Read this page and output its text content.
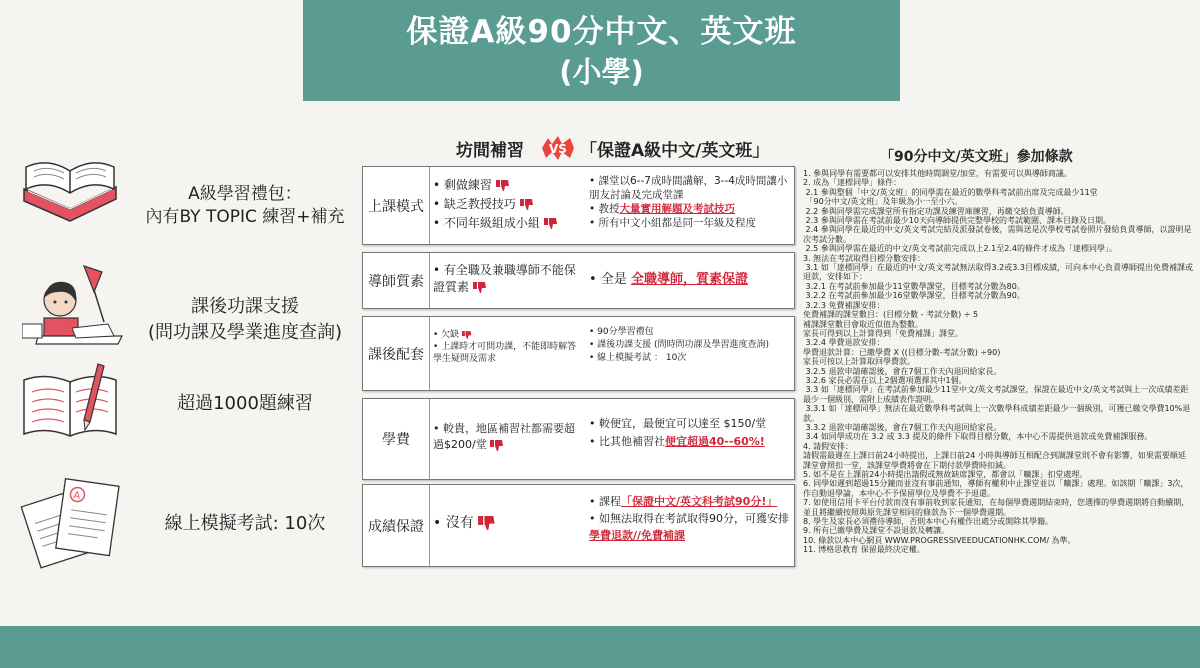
保證A級90分中文、英文班
(小學)
A級學習禮包：
內有BY TOPIC 練習+補充
課後功課支援
(問功課及學業進度查詢)
超過1000題練習
A
線上模擬考試: 10次
坊間補習 VS 「保證A級中文/英文班」
上課模式
• 剩做練習
• 缺乏教授技巧
• 不同年級組成小組
• 課堂以6--7成時間講解，3--4成時間讓小朋友討論及完成堂課
• 教授大量實用解題及考試技巧
• 所有中文小組都是同一年級及程度
導師質素
• 有全職及兼職導師不能保證質素	• 全是 全職導師，質素保證
課後配套
• 欠缺
• 上課時才可問功課，不能即時解答學生疑問及需求
• 90分學習禮包
• 課後功課支援 (問時問功課及學習進度查詢)
• 線上模擬考試 ： 10次
學費
• 較貴，地區補習社都需要超過$200/堂
• 較便宜，最便宜可以達至 $150/堂
• 比其他補習社便宜超過40--60%!
成績保證 • 沒有
• 課程「保證中文/英文科考試90分!」
• 如無法取得在考試取得90分，可獲安排學費退款//免費補課
「90分中文/英文班」參加條款
1. 參與同學有需要都可以安排其他時間調堂/加堂，有需要可以與導師商議。
2. 成為「達標同學」條件：
2.1 參與整個「中文/英文班」的同學需在最近的數學科考試前出席及完成最少11堂
「90分中文/英文班」及年級為小一至小六。
2.2 參與同學需完成課堂所有指定功課及練習庫練習，再繳交給負責導師。
2.3 參與同學需在考試前最少10天向導師提供完整學校的考試範圍、課本目錄及日期。
2.4 參與同學在最近的中文/英文考試完結及派發試卷後，需與送是次學校考試卷照片發給負責導師，以證明是次考試分數。
2.5 參與同學需在最近的中文/英文考試前完成以上2.1至2.4的條件才成為「達標同學」。
3. 無法在考試取得目標分數安排：
3.1 如「達標同學」在最近的中文/英文考試無法取得3.2或3.3目標成績，可向本中心負責導師提出免費補課或退款，安排如下：
3.2.1 在考試前參加最少11堂數學課堂，目標考試分數為80。
3.2.2 在考試前參加最少16堂數學課堂，目標考試分數為90。
3.2.3 免費補課安排：
免費補課的課堂數目：(目標分數 - 考試分數) ÷ 5
補課課堂數目會取近似值為整數。
家長可得到以上計算得到「免費補課」課堂。
3.2.4 學費退款安排：
學費退款計算：已繳學費 X ((目標分數-考試分數) ÷90)
家長可按以上計算取回學費款。
3.2.5 退款申請確認後，會在7個工作天內退回給家長。
3.2.6 家長必需在以上2個選項選擇其中1個。
3.3 如「達標同學」在考試前參加最少11堂中文/英文考試課堂，保證在最近中文/英文考試與上一次成績差距最少一個級別，需附上成績表作證明。
3.3.1 如「達標同學」無法在最近數學科考試與上一次數學科成績差距最少一個級別，可獲已繳交學費10%退款。
3.3.2 退款申請確認後，會在7個工作天內退回給家長。
3.4 如同學成功在 3.2 或 3.3 提及的條件下取得目標分數，本中心不需提供退款或免費補課服務。
4. 請假安排：
請假需最遲在上課日前24小時提出，上課日前24 小時與導師互相配合到調課堂則不會有影響，如果需要順延課堂會照扣一堂，該課堂學費將會在下期付款學費時扣減。
5. 如不是在上課前24小時提出請假或無故缺席課堂，都會以「曠課」扣堂處理。
6. 同學如遲到超過15分鐘而並沒有事前通知，導師有權利中止課堂並以「曠課」處理。如該期「曠課」3次，作自動退學論，本中心不予保留學位及學費不予退還。
7. 如使用信用卡平台付款而沒有事前收到家長通知，在每個學費週期結束時，您選擇的學費週期將自動續期，並且將繼續按照與原先課堂相同的條款為下一個學費週期。
8. 學生及家長必須禮待導師，否則本中心有權作出處分或開除其學籍。
9. 所有已繳學費及課堂不設退款及轉讓。
10. 條款以本中心網頁 WWW.PROGRESSIVEEDUCATIONHK.COM/ 為準。
11. 博格思教育 保留最終決定權。
